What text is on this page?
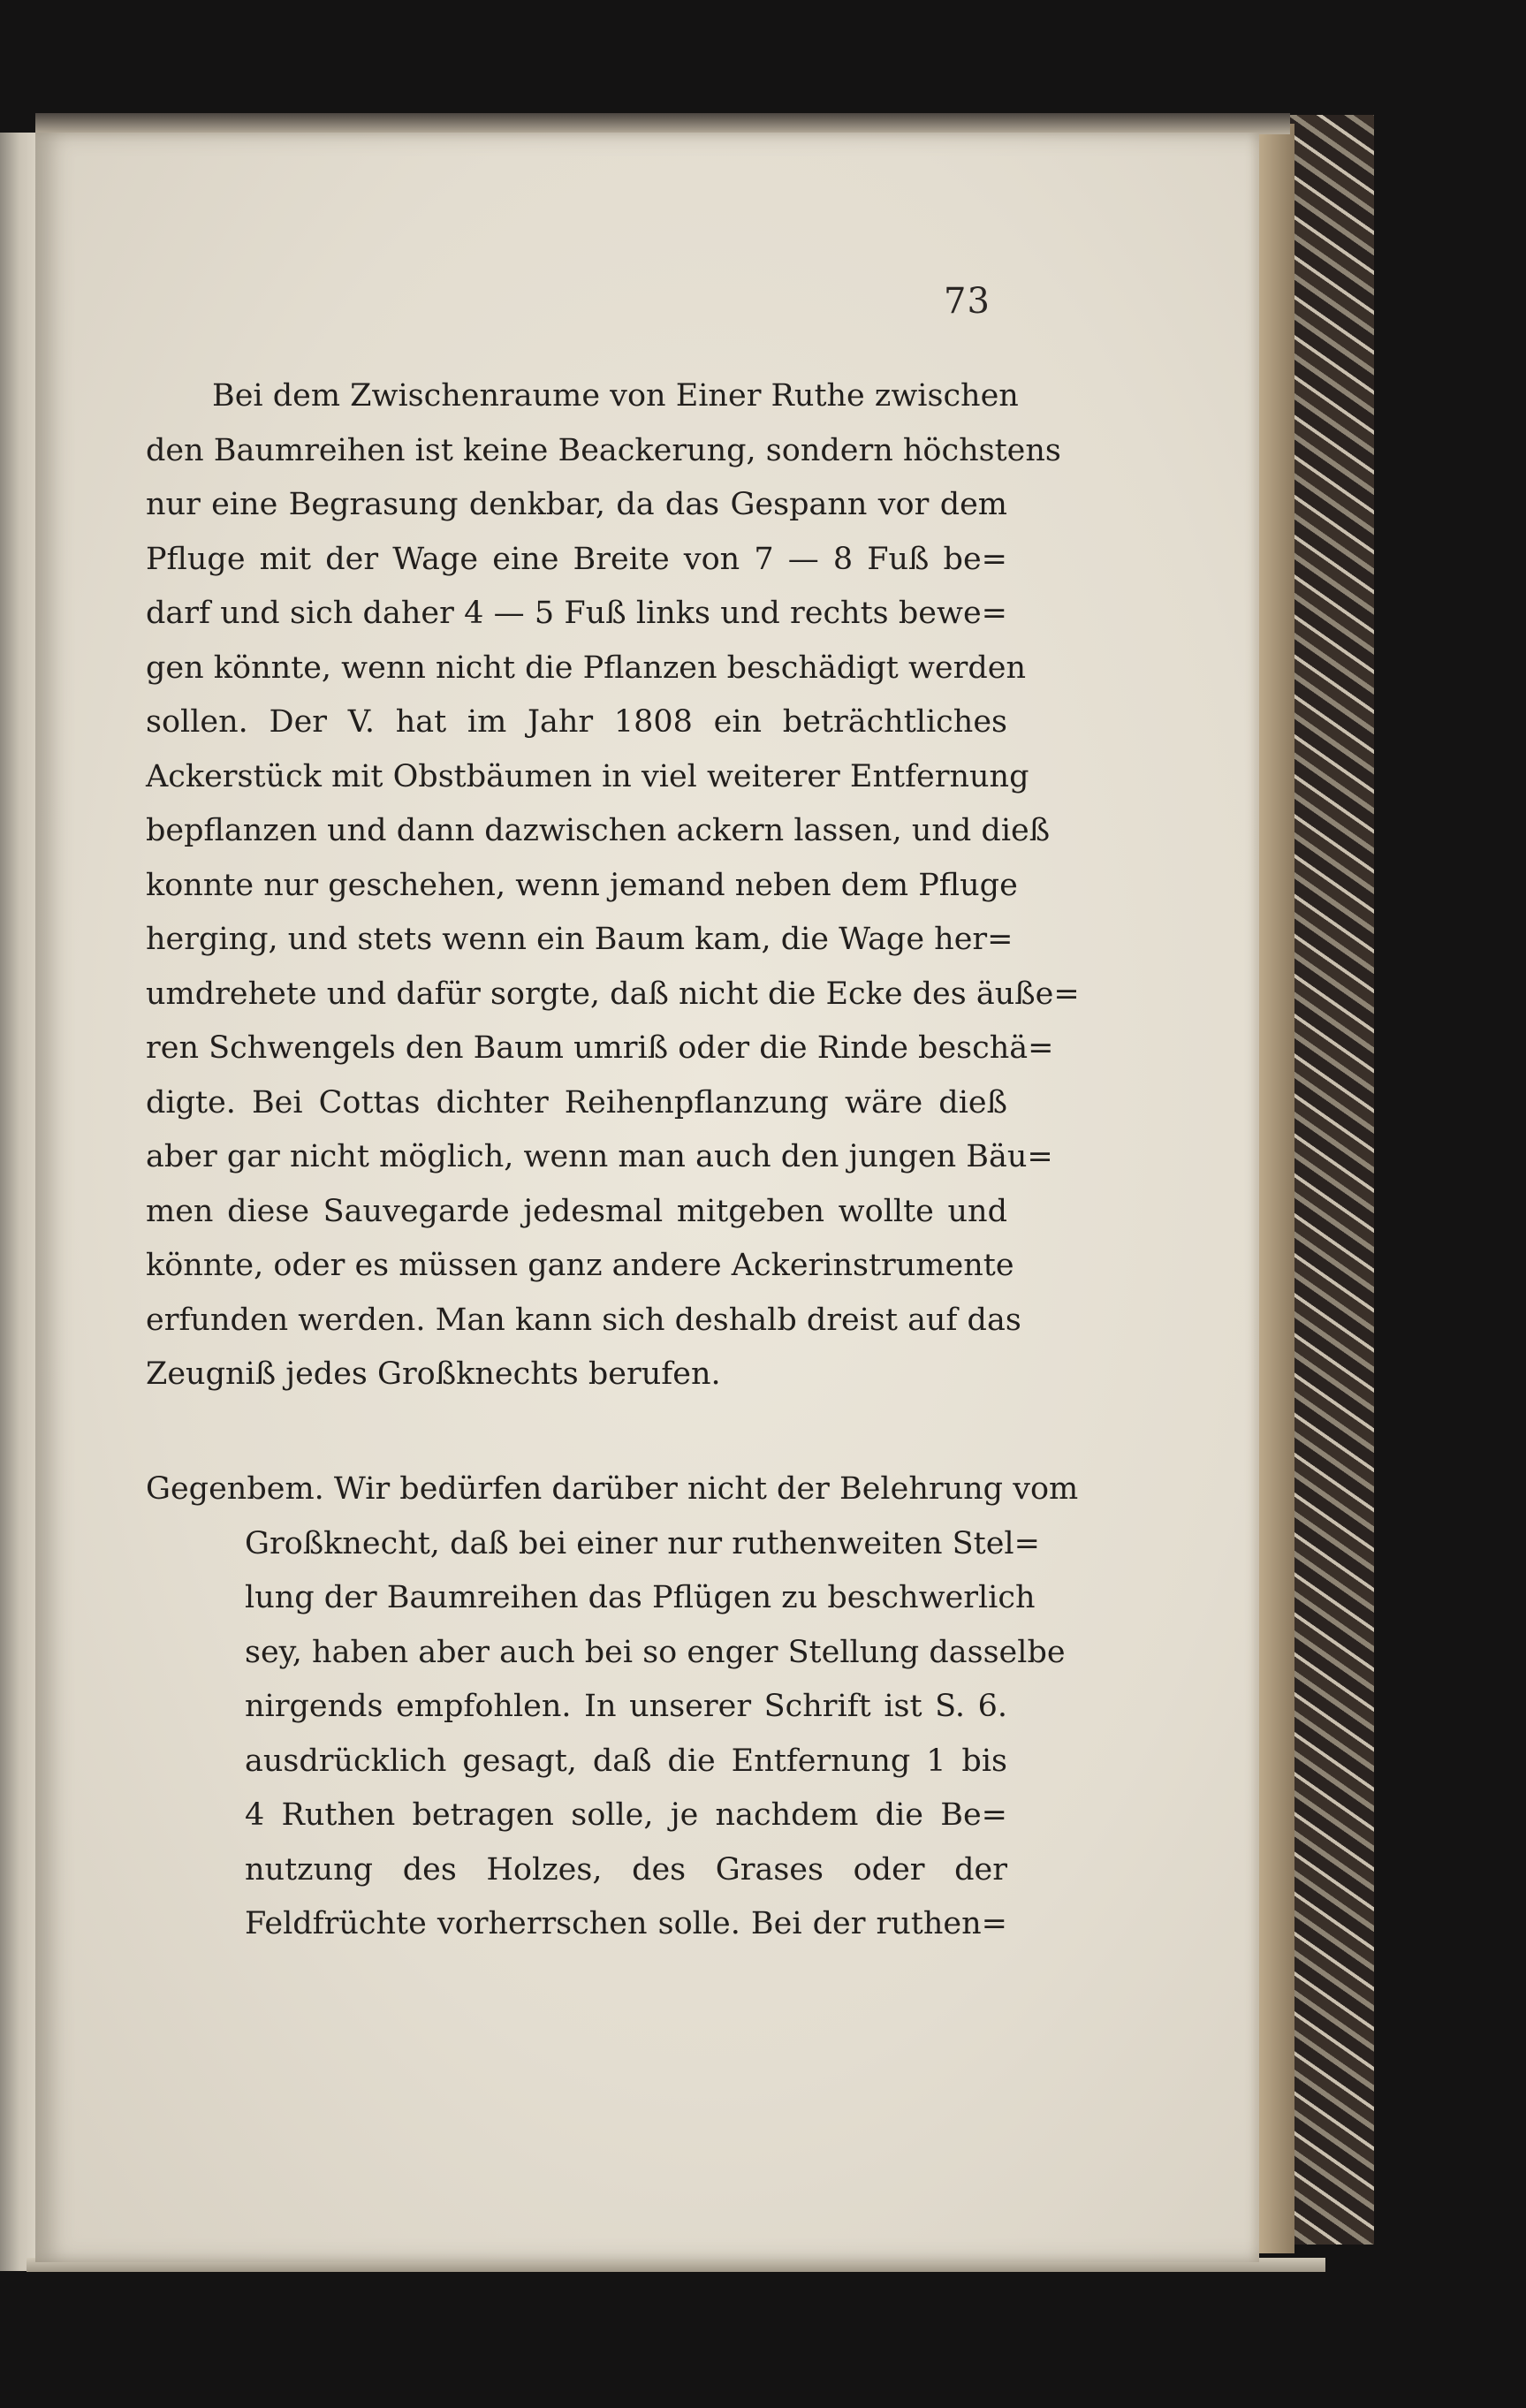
73
Bei dem Zwischenraume von Einer Ruthe zwischen
den Baumreihen ist keine Beackerung, sondern höchstens
nur eine Begrasung denkbar, da das Gespann vor dem
Pfluge mit der Wage eine Breite von 7 — 8 Fuß be=
darf und sich daher 4 — 5 Fuß links und rechts bewe=
gen könnte, wenn nicht die Pflanzen beschädigt werden
sollen. Der V. hat im Jahr 1808 ein beträchtliches
Ackerstück mit Obstbäumen in viel weiterer Entfernung
bepflanzen und dann dazwischen ackern lassen, und dieß
konnte nur geschehen, wenn jemand neben dem Pfluge
herging, und stets wenn ein Baum kam, die Wage her=
umdrehete und dafür sorgte, daß nicht die Ecke des äuße=
ren Schwengels den Baum umriß oder die Rinde beschä=
digte. Bei Cottas dichter Reihenpflanzung wäre dieß
aber gar nicht möglich, wenn man auch den jungen Bäu=
men diese Sauvegarde jedesmal mitgeben wollte und
könnte, oder es müssen ganz andere Ackerinstrumente
erfunden werden. Man kann sich deshalb dreist auf das
Zeugniß jedes Großknechts berufen.
Gegenbem. Wir bedürfen darüber nicht der Belehrung vom
Großknecht, daß bei einer nur ruthenweiten Stel=
lung der Baumreihen das Pflügen zu beschwerlich
sey, haben aber auch bei so enger Stellung dasselbe
nirgends empfohlen. In unserer Schrift ist S. 6.
ausdrücklich gesagt, daß die Entfernung 1 bis
4 Ruthen betragen solle, je nachdem die Be=
nutzung des Holzes, des Grases oder der
Feldfrüchte vorherrschen solle. Bei der ruthen=
